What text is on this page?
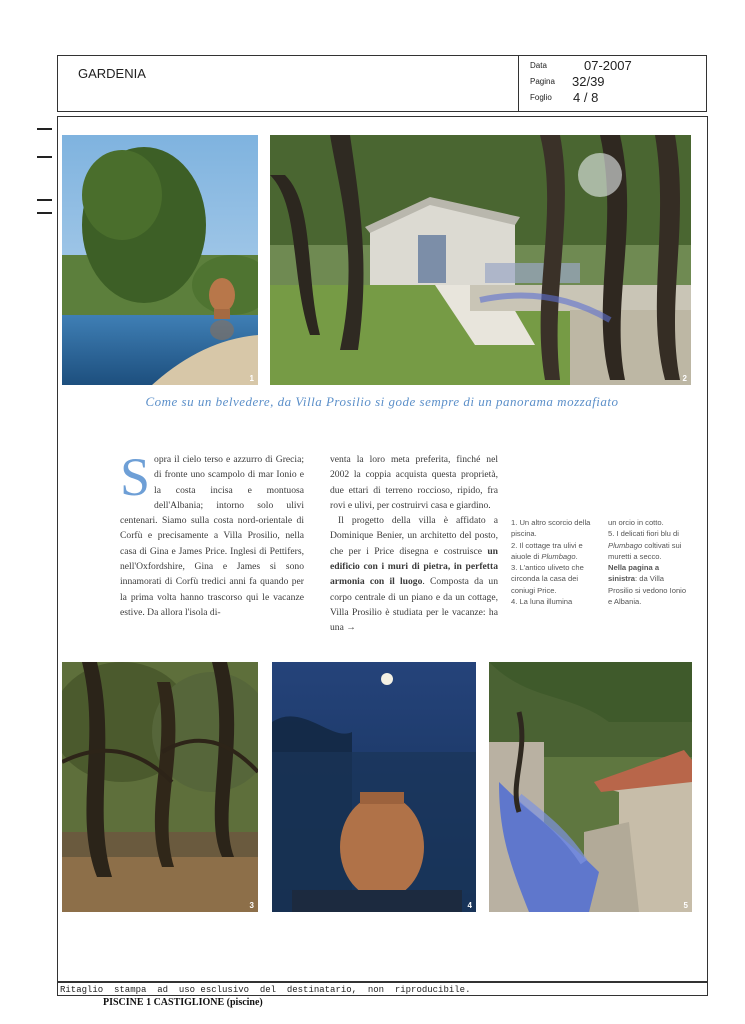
GARDENIA
Data	07-2007
Pagina 32/39
Foglio 4 / 8
1	2
Come su un belvedere, da Villa Prosilio si gode sempre di un panorama mozzafiato
Sopra il cielo terso e azzurro di Grecia; di fronte uno scampolo di mar Ionio e la costa incisa e montuosa dell'Albania; intorno solo ulivi centenari. Siamo sulla costa nord-orientale di Corfù e precisamente a Villa Prosilio, nella casa di Gina e James Price. Inglesi di Pettifers, nell'Oxfordshire, Gina e James si sono innamorati di Corfù tredici anni fa quando per la prima volta hanno trascorso qui le vacanze estive. Da allora l'isola di-
venta la loro meta preferita, finché nel 2002 la coppia acquista questa proprietà, due ettari di terreno roccioso, ripido, fra rovi e ulivi, per costruirvi casa e giardino.
Il progetto della villa è affidato a Dominique Benier, un architetto del posto, che per i Price disegna e costruisce un edificio con i muri di pietra, in perfetta armonia con il luogo. Composta da un corpo centrale di un piano e da un cottage, Villa Prosilio è studiata per le vacanze: ha una →
1. Un altro scorcio della piscina.
2. Il cottage tra ulivi e aiuole di Plumbago.
3. L'antico uliveto che circonda la casa dei coniugi Price.
4. La luna illumina
un orcio in cotto.
5. I delicati fiori blu di Plumbago coltivati sui muretti a secco.
Nella pagina a sinistra: da Villa Prosilio si vedono Ionio e Albania.
3	4	5
Ritaglio  stampa  ad  uso esclusivo  del  destinatario,  non  riproducibile.
PISCINE 1 CASTIGLIONE (piscine)
